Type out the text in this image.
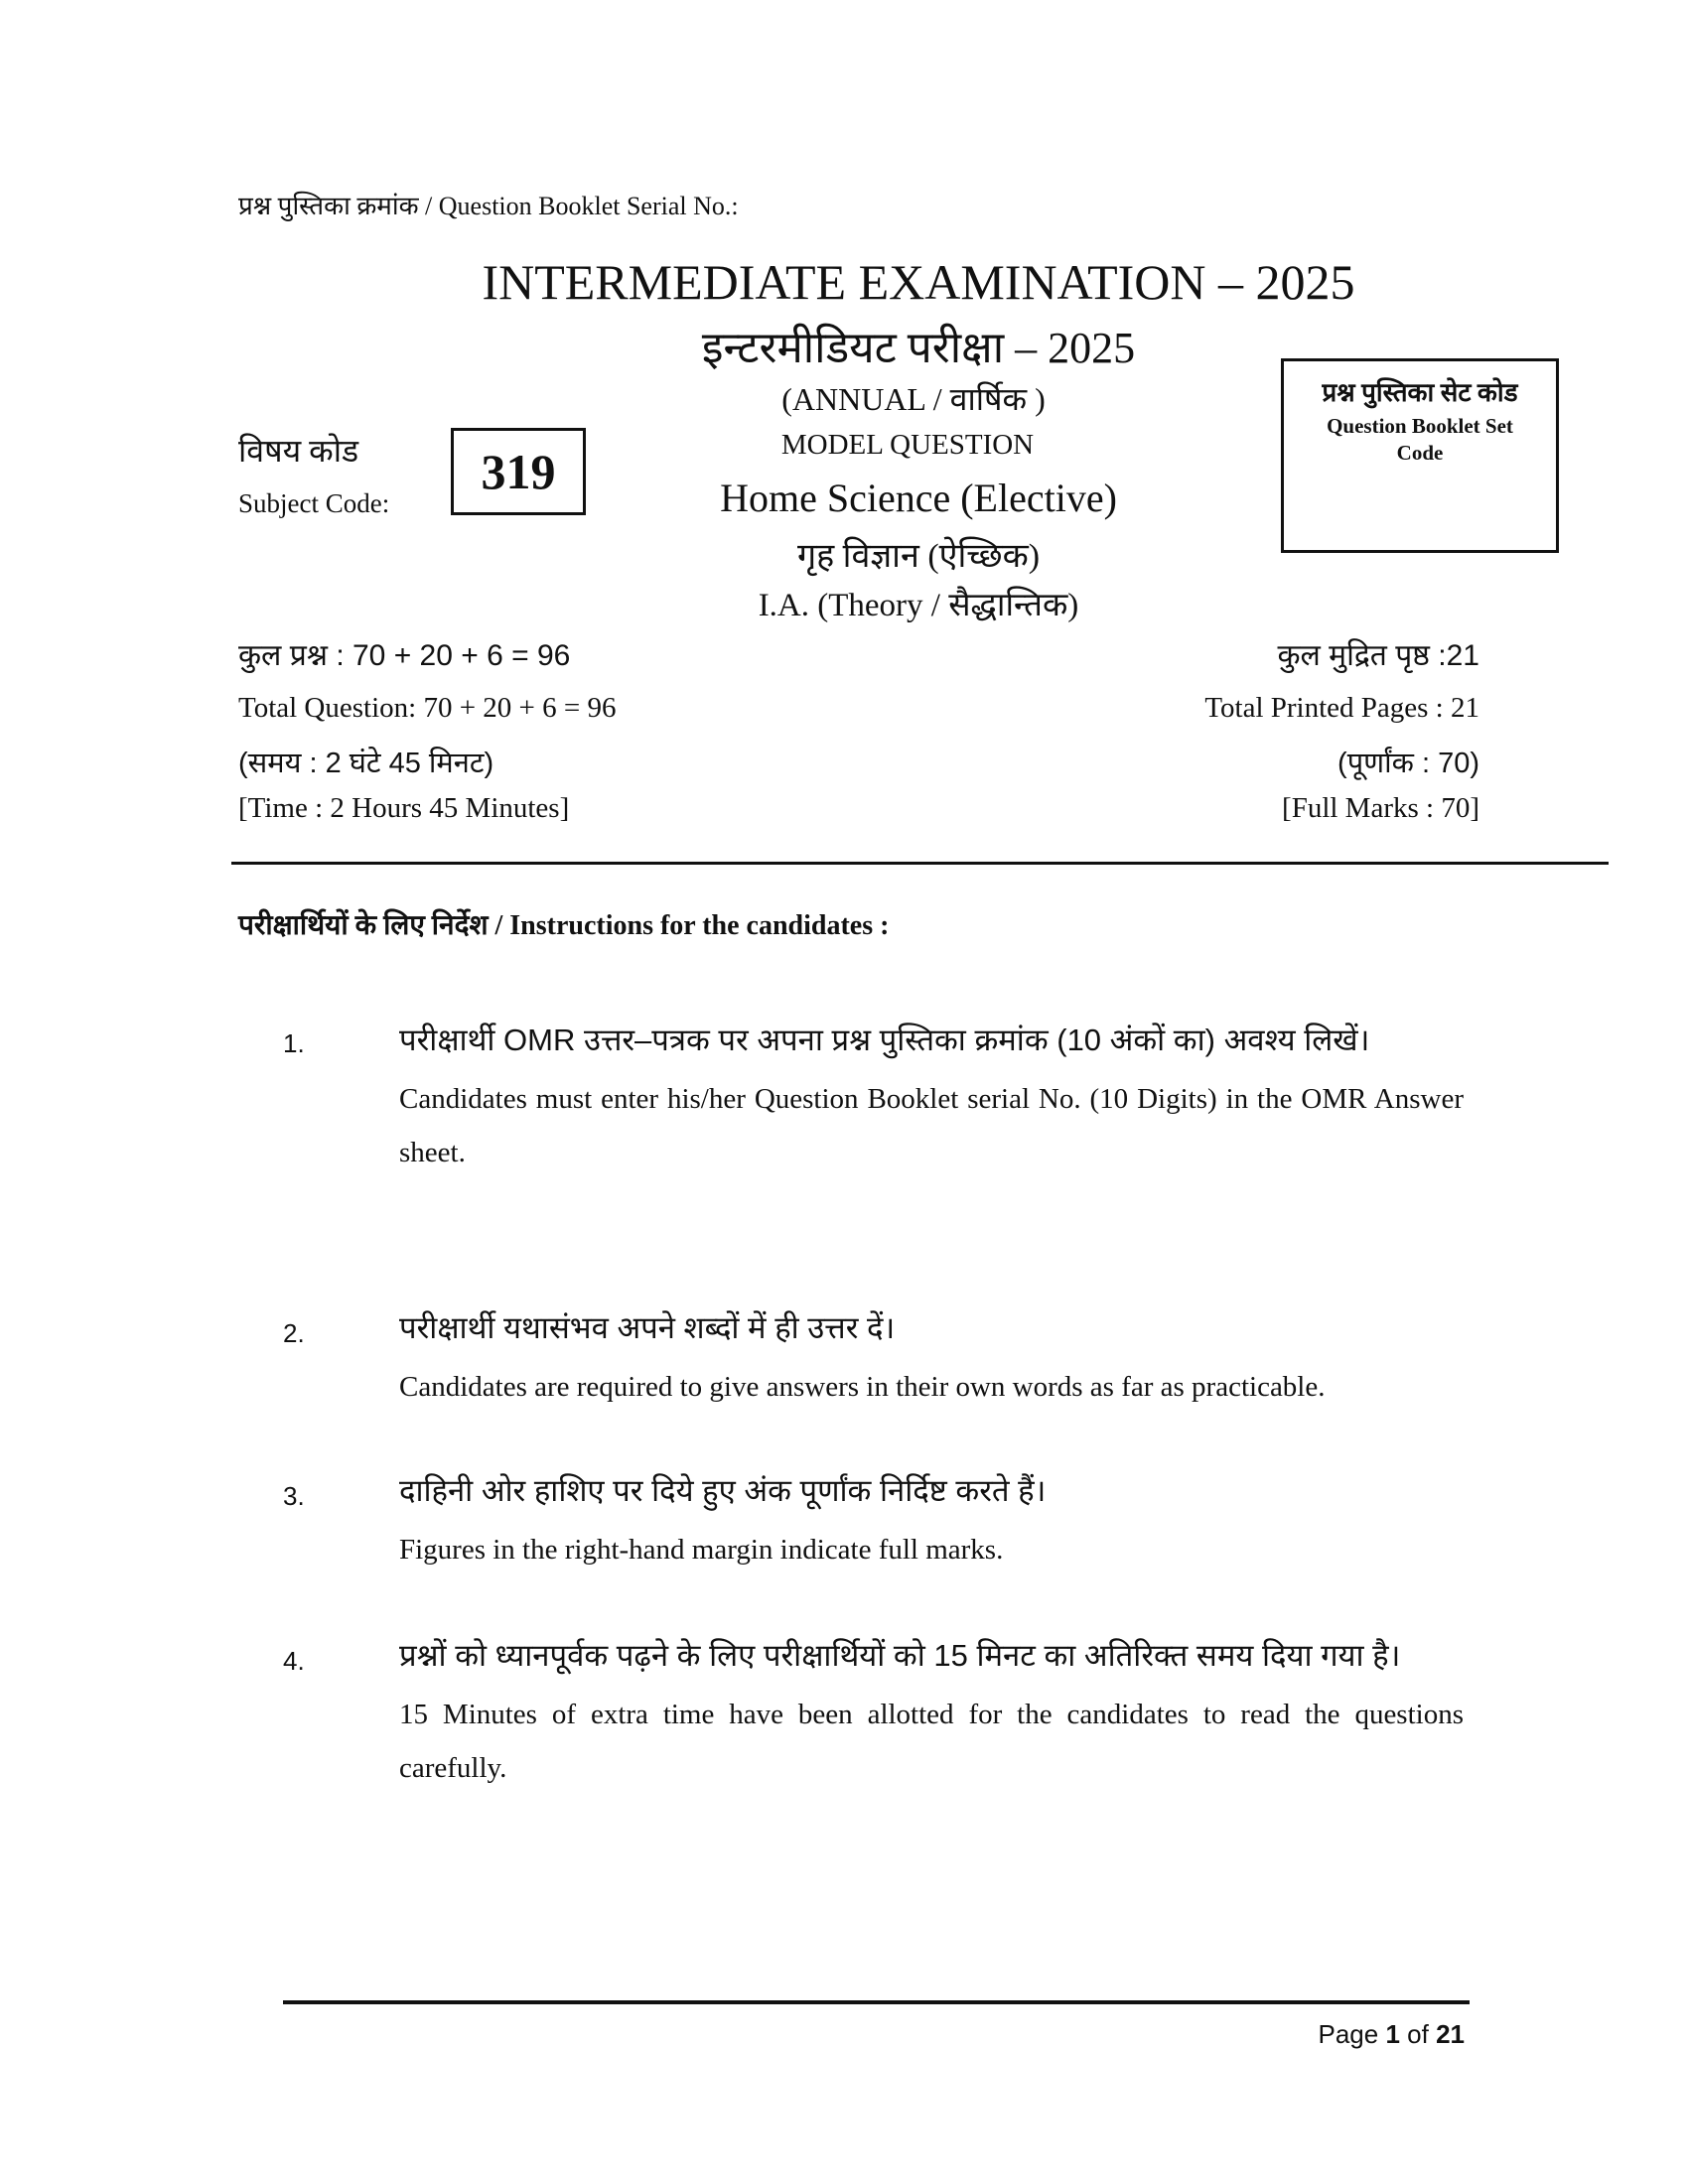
प्रश्न पुस्तिका क्रमांक / Question Booklet Serial No.:
INTERMEDIATE EXAMINATION – 2025
इन्टरमीडियट परीक्षा – 2025
(ANNUAL / वार्षिक )
MODEL QUESTION
Home Science (Elective)
गृह विज्ञान (ऐच्छिक)
I.A. (Theory / सैद्धान्तिक)
विषय कोड
Subject Code:
319
प्रश्न पुस्तिका सेट कोड
Question Booklet Set Code
कुल प्रश्न : 70 + 20 + 6 = 96	कुल मुद्रित पृष्ठ :21
Total Question: 70 + 20 + 6 = 96	Total Printed Pages : 21
(समय : 2 घंटे 45 मिनट)	(पूर्णांक : 70)
[Time : 2 Hours 45 Minutes]	[Full Marks : 70]
परीक्षार्थियों के लिए निर्देश / Instructions for the candidates :
1.	परीक्षार्थी OMR उत्तर–पत्रक पर अपना प्रश्न पुस्तिका क्रमांक (10 अंकों का) अवश्य लिखें।
Candidates must enter his/her Question Booklet serial No. (10 Digits) in the OMR Answer sheet.
2.	परीक्षार्थी यथासंभव अपने शब्दों में ही उत्तर दें।
Candidates are required to give answers in their own words as far as practicable.
3.	दाहिनी ओर हाशिए पर दिये हुए अंक पूर्णांक निर्दिष्ट करते हैं।
Figures in the right-hand margin indicate full marks.
4.	प्रश्नों को ध्यानपूर्वक पढ़ने के लिए परीक्षार्थियों को 15 मिनट का अतिरिक्त समय दिया गया है।
15 Minutes of extra time have been allotted for the candidates to read the questions carefully.
Page 1 of 21
